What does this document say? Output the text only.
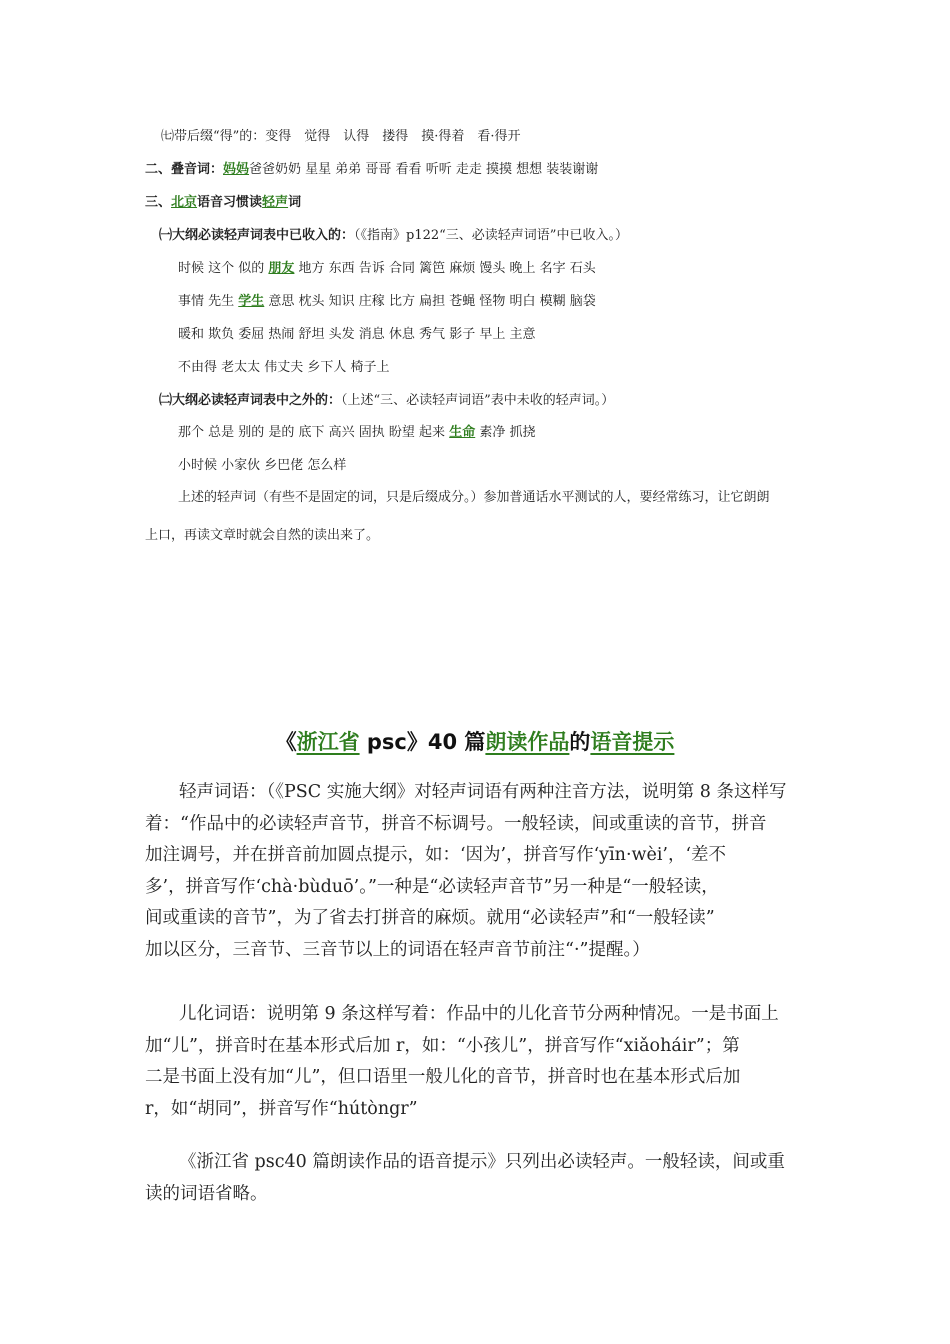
㈦带后缀“得”的：变得　觉得　认得　搂得　摸·得着　看·得开
二、叠音词：妈妈爸爸奶奶 星星 弟弟 哥哥 看看 听听 走走 摸摸 想想 装装谢谢
三、北京语音习惯读轻声词
㈠大纲必读轻声词表中已收入的：（《指南》p122“三、必读轻声词语”中已收入。）
时候 这个 似的 朋友 地方 东西 告诉 合同 篱笆 麻烦 馒头 晚上 名字 石头
事情 先生 学生 意思 枕头 知识 庄稼 比方 扁担 苍蝇 怪物 明白 模糊 脑袋
暖和 欺负 委屈 热闹 舒坦 头发 消息 休息 秀气 影子 早上 主意
不由得 老太太 伟丈夫 乡下人 椅子上
㈡大纲必读轻声词表中之外的：（上述“三、必读轻声词语”表中未收的轻声词。）
那个 总是 别的 是的 底下 高兴 固执 盼望 起来 生命 素净 抓挠
小时候 小家伙 乡巴佬 怎么样
上述的轻声词（有些不是固定的词，只是后缀成分。）参加普通话水平测试的人，要经常练习，让它朗朗
上口，再读文章时就会自然的读出来了。
《浙江省 psc》40 篇朗读作品的语音提示
轻声词语：（《PSC 实施大纲》对轻声词语有两种注音方法，说明第 8 条这样写
着：“作品中的必读轻声音节，拼音不标调号。一般轻读，间或重读的音节，拼音
加注调号，并在拼音前加圆点提示，如：‘因为’，拼音写作‘yīn·wèi’，‘差不
多’，拼音写作‘chà·bùduō’。”一种是“必读轻声音节”另一种是“一般轻读，
间或重读的音节”，为了省去打拼音的麻烦。就用“必读轻声”和“一般轻读”
加以区分，三音节、三音节以上的词语在轻声音节前注“·”提醒。）
儿化词语：说明第 9 条这样写着：作品中的儿化音节分两种情况。一是书面上
加“儿”，拼音时在基本形式后加 r，如：“小孩儿”，拼音写作“xiǎoháir”；第
二是书面上没有加“儿”，但口语里一般儿化的音节，拼音时也在基本形式后加
r，如“胡同”，拼音写作“hútòngr”
《浙江省 psc40 篇朗读作品的语音提示》只列出必读轻声。一般轻读，间或重
读的词语省略。
